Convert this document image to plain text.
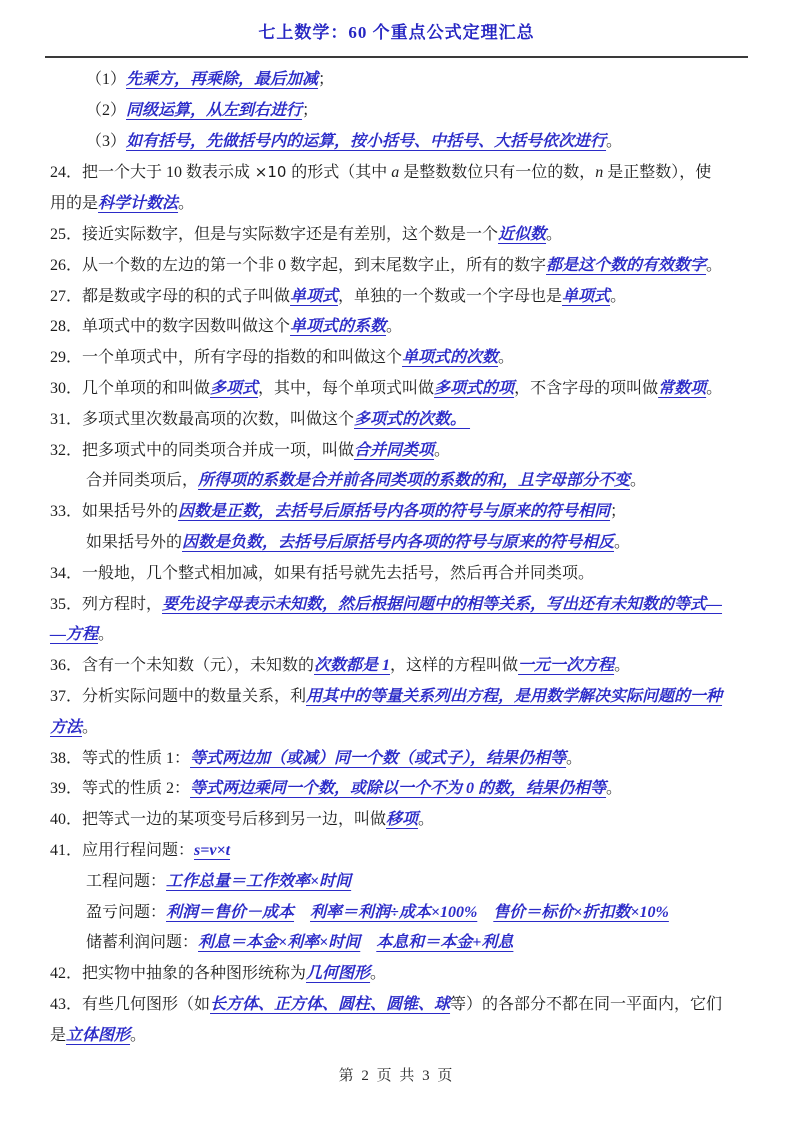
七上数学：60 个重点公式定理汇总
（1）先乘方，再乘除，最后加减；
（2）同级运算，从左到右进行；
（3）如有括号，先做括号内的运算，按小括号、中括号、大括号依次进行。
24．把一个大于 10 数表示成 ×10 的形式（其中 a 是整数数位只有一位的数，n 是正整数），使
用的是科学计数法。
25．接近实际数字，但是与实际数字还是有差别，这个数是一个近似数。
26．从一个数的左边的第一个非 0 数字起，到末尾数字止，所有的数字都是这个数的有效数字。
27．都是数或字母的积的式子叫做单项式，单独的一个数或一个字母也是单项式。
28．单项式中的数字因数叫做这个单项式的系数。
29．一个单项式中，所有字母的指数的和叫做这个单项式的次数。
30．几个单项的和叫做多项式，其中，每个单项式叫做多项式的项，不含字母的项叫做常数项。
31．多项式里次数最高项的次数，叫做这个多项式的次数。
32．把多项式中的同类项合并成一项，叫做合并同类项。
合并同类项后，所得项的系数是合并前各同类项的系数的和，且字母部分不变。
33．如果括号外的因数是正数，去括号后原括号内各项的符号与原来的符号相同；
如果括号外的因数是负数，去括号后原括号内各项的符号与原来的符号相反。
34．一般地，几个整式相加减，如果有括号就先去括号，然后再合并同类项。
35．列方程时，要先设字母表示未知数，然后根据问题中的相等关系，写出还有未知数的等式—
—方程。
36．含有一个未知数（元），未知数的次数都是 1，这样的方程叫做一元一次方程。
37．分析实际问题中的数量关系，利用其中的等量关系列出方程，是用数学解决实际问题的一种
方法。
38．等式的性质 1：等式两边加（或减）同一个数（或式子），结果仍相等。
39．等式的性质 2：等式两边乘同一个数，或除以一个不为 0 的数，结果仍相等。
40．把等式一边的某项变号后移到另一边，叫做移项。
41．应用行程问题：s=v×t
工程问题：工作总量＝工作效率×时间
盈亏问题：利润＝售价－成本　 利率＝利润÷成本×100%　 售价＝标价×折扣数×10%
储蓄利润问题：利息＝本金×利率×时间　 本息和＝本金+利息
42．把实物中抽象的各种图形统称为几何图形。
43．有些几何图形（如长方体、正方体、圆柱、圆锥、球等）的各部分不都在同一平面内，它们
是立体图形。
第 2 页 共 3 页
